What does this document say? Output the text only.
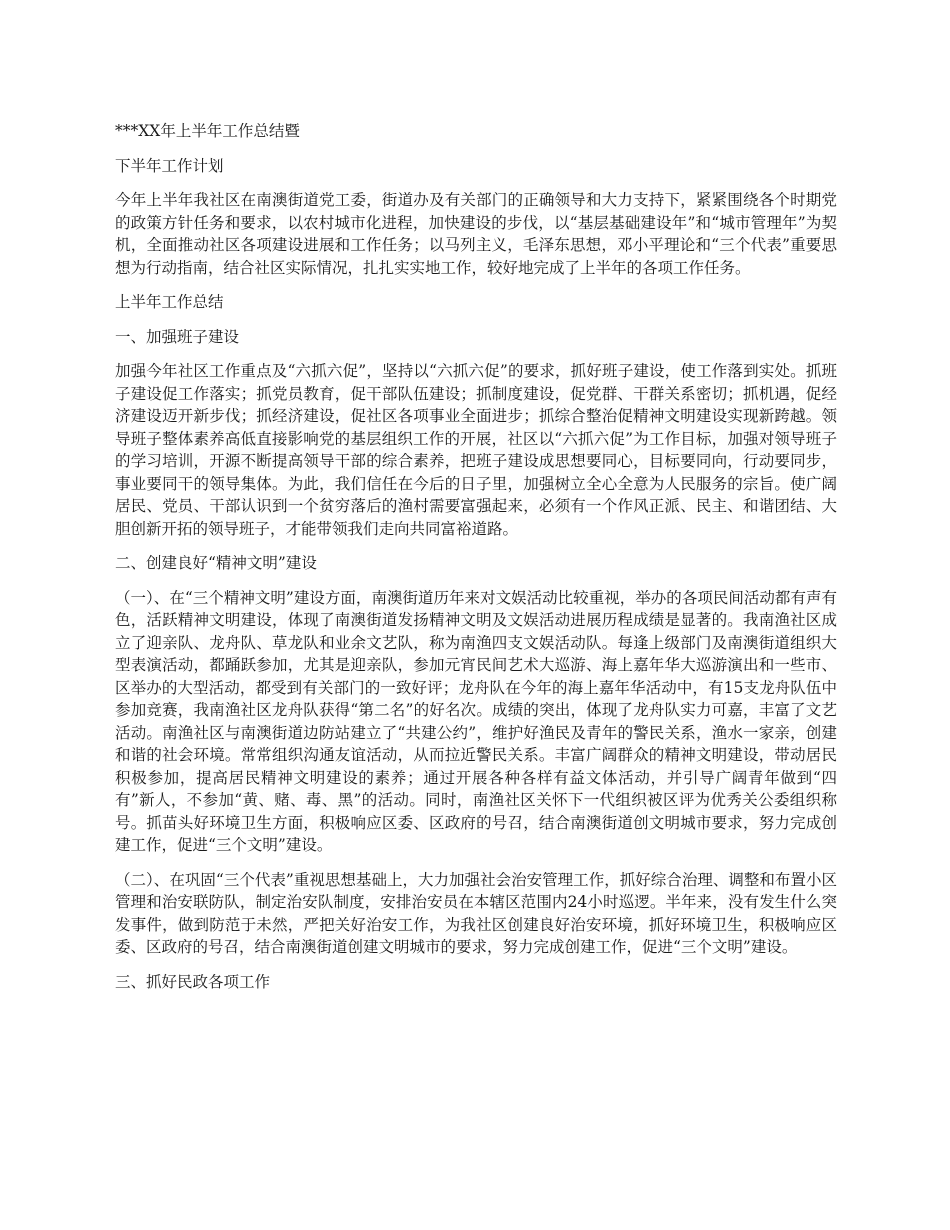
***XX年上半年工作总结暨

下半年工作计划

今年上半年我社区在南澳街道党工委，街道办及有关部门的正确领导和大力支持下，紧紧围绕各个时期党的政策方针任务和要求，以农村城市化进程，加快建设的步伐，以“基层基础建设年”和“城市管理年”为契机，全面推动社区各项建设进展和工作任务；以马列主义，毛泽东思想，邓小平理论和“三个代表”重要思想为行动指南，结合社区实际情况，扎扎实实地工作，较好地完成了上半年的各项工作任务。

上半年工作总结

一、加强班子建设

加强今年社区工作重点及“六抓六促”，坚持以“六抓六促”的要求，抓好班子建设，使工作落到实处。抓班子建设促工作落实；抓党员教育，促干部队伍建设；抓制度建设，促党群、干群关系密切；抓机遇，促经济建设迈开新步伐；抓经济建设，促社区各项事业全面进步；抓综合整治促精神文明建设实现新跨越。领导班子整体素养高低直接影响党的基层组织工作的开展，社区以“六抓六促”为工作目标，加强对领导班子的学习培训，开源不断提高领导干部的综合素养，把班子建设成思想要同心，目标要同向，行动要同步，事业要同干的领导集体。为此，我们信任在今后的日子里，加强树立全心全意为人民服务的宗旨。使广阔居民、党员、干部认识到一个贫穷落后的渔村需要富强起来，必须有一个作风正派、民主、和谐团结、大胆创新开拓的领导班子，才能带领我们走向共同富裕道路。

二、创建良好“精神文明”建设

（一）、在“三个精神文明”建设方面，南澳街道历年来对文娱活动比较重视，举办的各项民间活动都有声有色，活跃精神文明建设，体现了南澳街道发扬精神文明及文娱活动进展历程成绩是显著的。我南渔社区成立了迎亲队、龙舟队、草龙队和业余文艺队，称为南渔四支文娱活动队。每逢上级部门及南澳街道组织大型表演活动，都踊跃参加，尤其是迎亲队，参加元宵民间艺术大巡游、海上嘉年华大巡游演出和一些市、区举办的大型活动，都受到有关部门的一致好评；龙舟队在今年的海上嘉年华活动中，有15支龙舟队伍中参加竞赛，我南渔社区龙舟队获得“第二名”的好名次。成绩的突出，体现了龙舟队实力可嘉，丰富了文艺活动。南渔社区与南澳街道边防站建立了“共建公约”，维护好渔民及青年的警民关系，渔水一家亲，创建和谐的社会环境。常常组织沟通友谊活动，从而拉近警民关系。丰富广阔群众的精神文明建设，带动居民积极参加，提高居民精神文明建设的素养；通过开展各种各样有益文体活动，并引导广阔青年做到“四有”新人，不参加“黄、赌、毒、黑”的活动。同时，南渔社区关怀下一代组织被区评为优秀关公委组织称号。抓苗头好环境卫生方面，积极响应区委、区政府的号召，结合南澳街道创文明城市要求，努力完成创建工作，促进“三个文明”建设。

（二）、在巩固“三个代表”重视思想基础上，大力加强社会治安管理工作，抓好综合治理、调整和布置小区管理和治安联防队，制定治安队制度，安排治安员在本辖区范围内24小时巡逻。半年来，没有发生什么突发事件，做到防范于未然，严把关好治安工作，为我社区创建良好治安环境，抓好环境卫生，积极响应区委、区政府的号召，结合南澳街道创建文明城市的要求，努力完成创建工作，促进“三个文明”建设。

三、抓好民政各项工作
